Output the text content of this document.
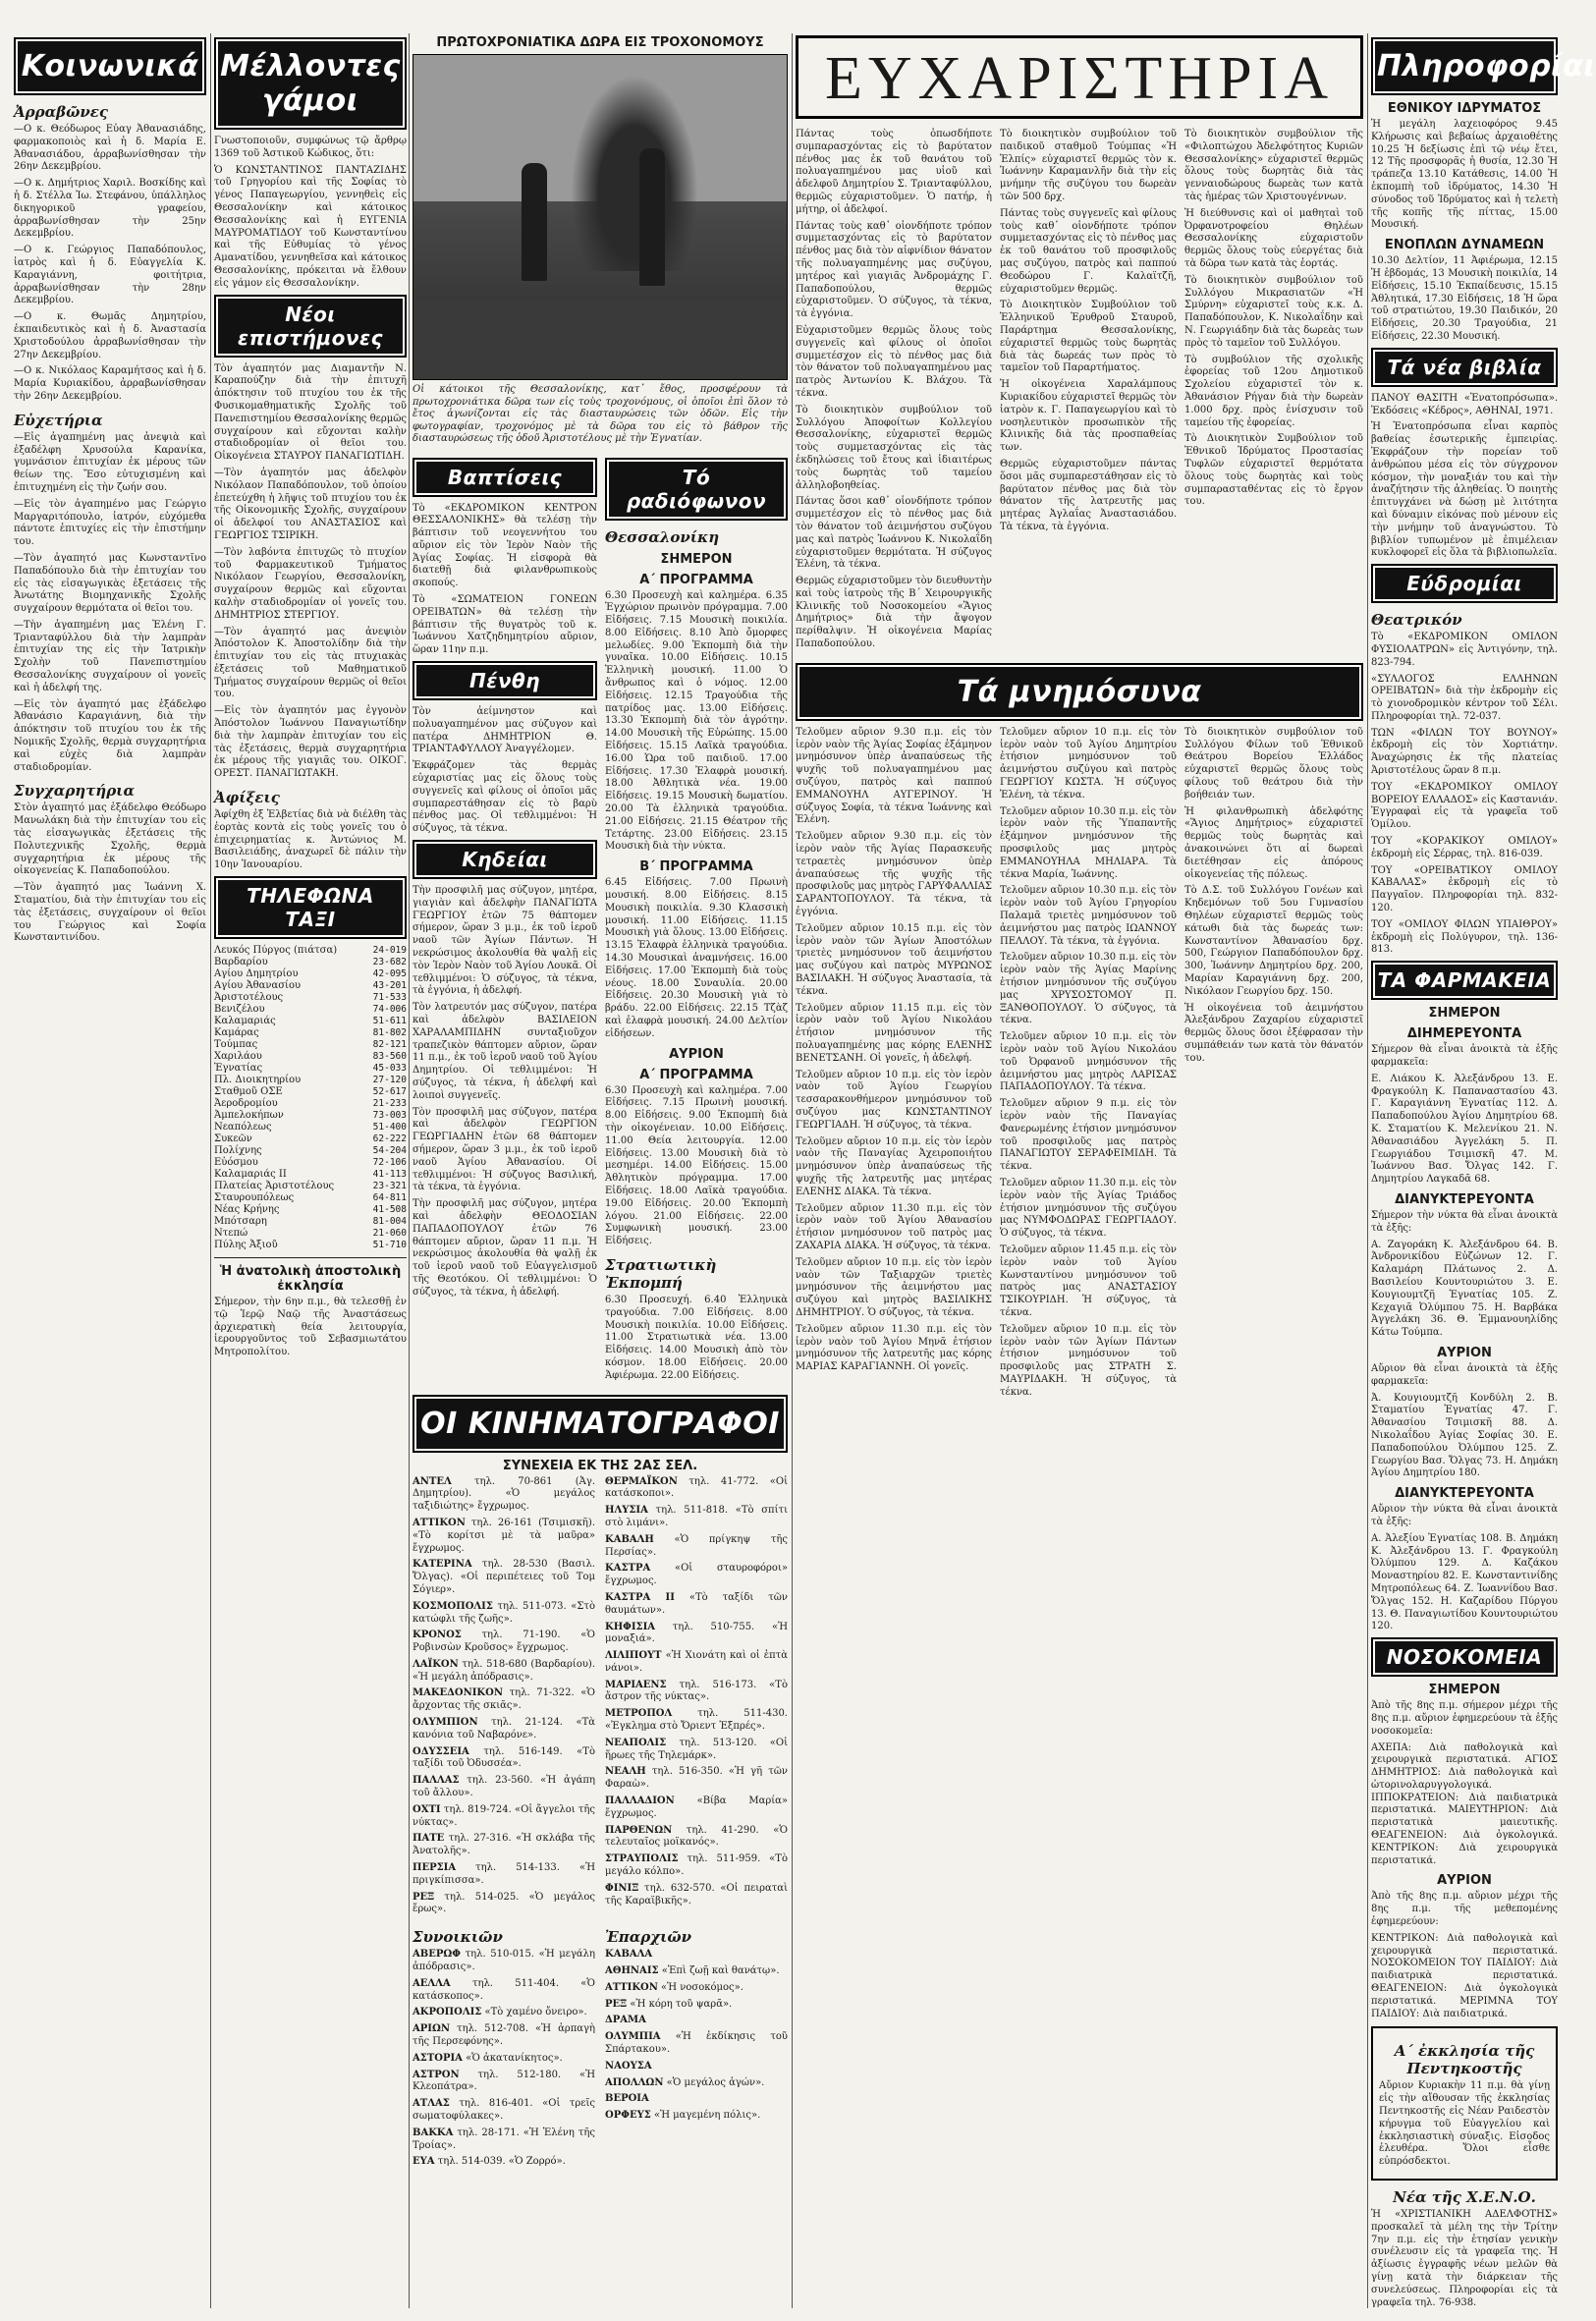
Κοινωνικά
Ἀρραβῶνες

—Ο κ. Θεόδωρος Εὐαγ Ἀθανασιάδης, φαρμακοποιὸς καὶ ἡ δ. Μαρία Ε. Ἀθανασιάδου, ἀρραβωνίσθησαν τὴν 26ην Δεκεμβρίου.

—Ο κ. Δημήτριος Χαριλ. Βοσκίδης καὶ ἡ δ. Στέλλα Ἰω. Στεφάνου, ὑπάλληλος δικηγορικοῦ γραφείου, ἀρραβωνίσθησαν τὴν 25ην Δεκεμβρίου.

—Ο κ. Γεώργιος Παπαδόπουλος, ἰατρὸς καὶ ἡ δ. Εὐαγγελία Κ. Καραγιάννη, φοιτήτρια, ἀρραβωνίσθησαν τὴν 28ην Δεκεμβρίου.

—Ο κ. Θωμᾶς Δημητρίου, ἐκπαιδευτικὸς καὶ ἡ δ. Ἀναστασία Χριστοδούλου ἀρραβωνίσθησαν τὴν 27ην Δεκεμβρίου.

—Ο κ. Νικόλαος Καραμήτσος καὶ ἡ δ. Μαρία Κυριακίδου, ἀρραβωνίσθησαν τὴν 26ην Δεκεμβρίου.

Εὐχετήρια

—Εἰς ἀγαπημένη μας ἀνεψιὰ καὶ ἐξαδέλφη Χρυσούλα Καρανίκα, γυμνάσιον ἐπιτυχίαν ἐκ μέρους τῶν θείων της. Ἔσο εὐτυχισμένη καὶ ἐπιτυχημένη εἰς τὴν ζωήν σου.

—Εἰς τὸν ἀγαπημένο μας Γεώργιο Μαργαριτόπουλο, ἰατρόν, εὐχόμεθα πάντοτε ἐπιτυχίες εἰς τὴν ἐπιστήμην του.

—Τὸν ἀγαπητό μας Κωνσταντῖνο Παπαδόπουλο διὰ τὴν ἐπιτυχίαν του εἰς τὰς εἰσαγωγικὰς ἐξετάσεις τῆς Ἀνωτάτης Βιομηχανικῆς Σχολῆς συγχαίρουν θερμότατα οἱ θεῖοι του.

—Τὴν ἀγαπημένη μας Ἑλένη Γ. Τριανταφύλλου διὰ τὴν λαμπρὰν ἐπιτυχίαν της εἰς τὴν Ἰατρικὴν Σχολὴν τοῦ Πανεπιστημίου Θεσσαλονίκης συγχαίρουν οἱ γονεῖς καὶ ἡ ἀδελφή της.

—Εἰς τὸν ἀγαπητό μας ἐξάδελφο Ἀθανάσιο Καραγιάννη, διὰ τὴν ἀπόκτησιν τοῦ πτυχίου του ἐκ τῆς Νομικῆς Σχολῆς, θερμὰ συγχαρητήρια καὶ εὐχὲς διὰ λαμπρὰν σταδιοδρομίαν.

Συγχαρητήρια

Στὸν ἀγαπητό μας ἐξάδελφο Θεόδωρο Μανωλάκη διὰ τὴν ἐπιτυχίαν του εἰς τὰς εἰσαγωγικὰς ἐξετάσεις τῆς Πολυτεχνικῆς Σχολῆς, θερμὰ συγχαρητήρια ἐκ μέρους τῆς οἰκογενείας Κ. Παπαδοπούλου.

—Τὸν ἀγαπητό μας Ἰωάννη Χ. Σταματίου, διὰ τὴν ἐπιτυχίαν του εἰς τὰς ἐξετάσεις, συγχαίρουν οἱ θεῖοι του Γεώργιος καὶ Σοφία Κωνσταντινίδου.

Μέλλοντες γάμοι

Γνωστοποιοῦν, συμφώνως τῷ ἄρθρῳ 1369 τοῦ Ἀστικοῦ Κώδικος, ὅτι:

Ὁ ΚΩΝΣΤΑΝΤΙΝΟΣ ΠΑΝΤΑΖΙΔΗΣ τοῦ Γρηγορίου καὶ τῆς Σοφίας τὸ γένος Παπαγεωργίου, γεννηθεὶς εἰς Θεσσαλονίκην καὶ κάτοικος Θεσσαλονίκης καὶ ἡ ΕΥΓΕΝΙΑ ΜΑΥΡΟΜΑΤΙΔΟΥ τοῦ Κωνσταντίνου καὶ τῆς Εὐθυμίας τὸ γένος Αμανατίδου, γεννηθεῖσα καὶ κάτοικος Θεσσαλονίκης, πρόκειται νὰ ἔλθουν εἰς γάμον εἰς Θεσσαλονίκην.

Νέοι επιστήμονες

Τὸν ἀγαπητόν μας Διαμαντῆν Ν. Καραπούζην διὰ τὴν ἐπιτυχῆ ἀπόκτησιν τοῦ πτυχίου του ἐκ τῆς Φυσικομαθηματικῆς Σχολῆς τοῦ Πανεπιστημίου Θεσσαλονίκης θερμῶς συγχαίρουν καὶ εὔχονται καλὴν σταδιοδρομίαν οἱ θεῖοι του. Οἰκογένεια ΣΤΑΥΡΟΥ ΠΑΝΑΓΙΩΤΙΔΗ.

—Τὸν ἀγαπητόν μας ἀδελφὸν Νικόλαον Παπαδόπουλον, τοῦ ὁποίου ἐπετεύχθη ἡ λῆψις τοῦ πτυχίου του ἐκ τῆς Οἰκονομικῆς Σχολῆς, συγχαίρουν οἱ ἀδελφοί του ΑΝΑΣΤΑΣΙΟΣ καὶ ΓΕΩΡΓΙΟΣ ΤΣΙΡΙΚΗ.

—Τὸν λαβόντα ἐπιτυχῶς τὸ πτυχίον τοῦ Φαρμακευτικοῦ Τμήματος Νικόλαον Γεωργίου, Θεσσαλονίκη, συγχαίρουν θερμῶς καὶ εὔχονται καλὴν σταδιοδρομίαν οἱ γονεῖς του. ΔΗΜΗΤΡΙΟΣ ΣΤΕΡΓΙΟΥ.

—Τὸν ἀγαπητό μας ἀνεψιὸν Ἀπόστολον Κ. Ἀποστολίδην διὰ τὴν ἐπιτυχίαν του εἰς τὰς πτυχιακὰς ἐξετάσεις τοῦ Μαθηματικοῦ Τμήματος συγχαίρουν θερμῶς οἱ θεῖοι του.

—Εἰς τὸν ἀγαπητόν μας ἐγγονὸν Ἀπόστολον Ἰωάννου Παναγιωτίδην διὰ τὴν λαμπρὰν ἐπιτυχίαν του εἰς τὰς ἐξετάσεις, θερμὰ συγχαρητήρια ἐκ μέρους τῆς γιαγιᾶς του. ΟΙΚΟΓ. ΟΡΕΣΤ. ΠΑΝΑΓΙΩΤΑΚΗ.

Ἀφίξεις

Ἀφίχθη ἐξ Ἑλβετίας διὰ νὰ διέλθη τὰς ἑορτὰς κοντὰ εἰς τοὺς γονεῖς του ὁ ἐπιχειρηματίας κ. Ἀντώνιος Μ. Βασιλειάδης, ἀναχωρεῖ δὲ πάλιν τὴν 10ην Ἰανουαρίου.

ΤΗΛΕΦΩΝΑ ΤΑΞΙ
Λευκός Πύργος (πιάτσα)	24-019
Βαρδαρίου	23-682
Αγίου Δημητρίου	42-095
Αγίου Ἀθανασίου	43-201
Ἀριστοτέλους	71-533
Βενιζέλου	74-006
Καλαμαριάς	51-611
Καμάρας	81-802
Τούμπας	82-121
Χαριλάου	83-560
Ἐγνατίας	45-033
Πλ. Διοικητηρίου	27-120
Σταθμοῦ ΟΣΕ	52-617
Ἀεροδρομίου	21-233
Ἀμπελοκήπων	73-003
Νεαπόλεως	51-400
Συκεῶν	62-222
Πολίχνης	54-204
Εὐόσμου	72-106
Καλαμαριάς II	41-113
Πλατείας Ἀριστοτέλους	23-321
Σταυρουπόλεως	64-811
Νέας Κρήνης	41-508
Μπότσαρη	81-004
Ντεπώ	21-060
Πύλης Ἀξιοῦ	51-710
Ἡ ἀνατολικὴ ἀποστολικὴ ἐκκλησία

Σήμερον, τὴν 6ην π.μ., θὰ τελεσθῇ ἐν τῷ Ἱερῷ Ναῷ τῆς Ἀναστάσεως ἀρχιερατικὴ θεία λειτουργία, ἱερουργοῦντος τοῦ Σεβασμιωτάτου Μητροπολίτου.

ΠΡΩΤΟΧΡΟΝΙΑΤΙΚΑ ΔΩΡΑ ΕΙΣ ΤΡΟΧΟΝΟΜΟΥΣ
Οἱ κάτοικοι τῆς Θεσσαλονίκης, κατ᾽ ἔθος, προσφέρουν τὰ πρωτοχρονιάτικα δῶρα των εἰς τοὺς τροχονόμους, οἱ ὁποῖοι ἐπὶ ὅλον τὸ ἔτος ἀγωνίζονται εἰς τὰς διασταυρώσεις τῶν ὁδῶν. Εἰς τὴν φωτογραφίαν, τροχονόμος μὲ τὰ δῶρα του εἰς τὸ βάθρον τῆς διασταυρώσεως τῆς ὁδοῦ Ἀριστοτέλους μὲ τὴν Ἐγνατίαν.
Βαπτίσεις

Τὸ «ΕΚΔΡΟΜΙΚΟΝ ΚΕΝΤΡΟΝ ΘΕΣΣΑΛΟΝΙΚΗΣ» θὰ τελέσῃ τὴν βάπτισιν τοῦ νεογεννήτου του αὔριον εἰς τὸν Ἱερὸν Ναὸν τῆς Ἁγίας Σοφίας. Ἡ εἰσφορὰ θὰ διατεθῇ διὰ φιλανθρωπικοὺς σκοπούς.

Τὸ «ΣΩΜΑΤΕΙΟΝ ΓΟΝΕΩΝ ΟΡΕΙΒΑΤΩΝ» θὰ τελέσῃ τὴν βάπτισιν τῆς θυγατρὸς τοῦ κ. Ἰωάννου Χατζηδημητρίου αὔριον, ὥραν 11ην π.μ.

Πένθη

Τὸν ἀείμνηστον καὶ πολυαγαπημένον μας σύζυγον καὶ πατέρα ΔΗΜΗΤΡΙΟΝ Θ. ΤΡΙΑΝΤΑΦΥΛΛΟΥ Ἀναγγέλομεν.

Ἐκφράζομεν τὰς θερμὰς εὐχαριστίας μας εἰς ὅλους τοὺς συγγενεῖς καὶ φίλους οἱ ὁποῖοι μᾶς συμπαρεστάθησαν εἰς τὸ βαρὺ πένθος μας. Οἱ τεθλιμμένοι: Ἡ σύζυγος, τὰ τέκνα.

Κηδείαι

Τὴν προσφιλῆ μας σύζυγον, μητέρα, γιαγιὰν καὶ ἀδελφὴν ΠΑΝΑΓΙΩΤΑ ΓΕΩΡΓΙΟΥ ἐτῶν 75 θάπτομεν σήμερον, ὥραν 3 μ.μ., ἐκ τοῦ ἱεροῦ ναοῦ τῶν Ἁγίων Πάντων. Ἡ νεκρώσιμος ἀκολουθία θὰ ψαλῇ εἰς τὸν Ἱερὸν Ναὸν τοῦ Ἁγίου Λουκᾶ. Οἱ τεθλιμμένοι: Ὁ σύζυγος, τὰ τέκνα, τὰ ἐγγόνια, ἡ ἀδελφή.

Τὸν λατρευτόν μας σύζυγον, πατέρα καὶ ἀδελφὸν ΒΑΣΙΛΕΙΟΝ ΧΑΡΑΛΑΜΠΙΔΗΝ συνταξιοῦχον τραπεζικὸν θάπτομεν αὔριον, ὥραν 11 π.μ., ἐκ τοῦ ἱεροῦ ναοῦ τοῦ Ἁγίου Δημητρίου. Οἱ τεθλιμμένοι: Ἡ σύζυγος, τὰ τέκνα, ἡ ἀδελφή καὶ λοιποὶ συγγενεῖς.

Τὸν προσφιλῆ μας σύζυγον, πατέρα καὶ ἀδελφὸν ΓΕΩΡΓΙΟΝ ΓΕΩΡΓΙΑΔΗΝ ἐτῶν 68 θάπτομεν σήμερον, ὥραν 3 μ.μ., ἐκ τοῦ ἱεροῦ ναοῦ Ἁγίου Ἀθανασίου. Οἱ τεθλιμμένοι: Ἡ σύζυγος Βασιλική, τὰ τέκνα, τὰ ἐγγόνια.

Τὴν προσφιλῆ μας σύζυγον, μητέρα καὶ ἀδελφὴν ΘΕΟΔΟΣΙΑΝ ΠΑΠΑΔΟΠΟΥΛΟΥ ἐτῶν 76 θάπτομεν αὔριον, ὥραν 11 π.μ. Ἡ νεκρώσιμος ἀκολουθία θὰ ψαλῇ ἐκ τοῦ ἱεροῦ ναοῦ τοῦ Εὐαγγελισμοῦ τῆς Θεοτόκου. Οἱ τεθλιμμένοι: Ὁ σύζυγος, τὰ τέκνα, ἡ ἀδελφή.

Τό ραδιόφωνον
Θεσσαλονίκη
ΣΗΜΕΡΟΝ
Α΄ ΠΡΟΓΡΑΜΜΑ

6.30 Προσευχὴ καὶ καλημέρα. 6.35 Ἐγχώριον πρωινὸν πρόγραμμα. 7.00 Εἰδήσεις. 7.15 Μουσικὴ ποικιλία. 8.00 Εἰδήσεις. 8.10 Ἀπὸ ὄμορφες μελωδίες. 9.00 Ἐκπομπὴ διὰ τὴν γυναῖκα. 10.00 Εἰδήσεις. 10.15 Ἑλληνικὴ μουσική. 11.00 Ὁ ἄνθρωπος καὶ ὁ νόμος. 12.00 Εἰδήσεις. 12.15 Τραγούδια τῆς πατρίδος μας. 13.00 Εἰδήσεις. 13.30 Ἐκπομπὴ διὰ τὸν ἀγρότην. 14.00 Μουσικὴ τῆς Εὐρώπης. 15.00 Εἰδήσεις. 15.15 Λαϊκὰ τραγούδια. 16.00 Ὡρα τοῦ παιδιοῦ. 17.00 Εἰδήσεις. 17.30 Ἐλαφρὰ μουσική. 18.00 Ἀθλητικὰ νέα. 19.00 Εἰδήσεις. 19.15 Μουσικὴ δωματίου. 20.00 Τὰ ἑλληνικὰ τραγούδια. 21.00 Εἰδήσεις. 21.15 Θέατρον τῆς Τετάρτης. 23.00 Εἰδήσεις. 23.15 Μουσικὴ διὰ τὴν νύκτα.

Β΄ ΠΡΟΓΡΑΜΜΑ

6.45 Εἰδήσεις. 7.00 Πρωινὴ μουσική. 8.00 Εἰδήσεις. 8.15 Μουσικὴ ποικιλία. 9.30 Κλασσικὴ μουσική. 11.00 Εἰδήσεις. 11.15 Μουσικὴ γιὰ ὅλους. 13.00 Εἰδήσεις. 13.15 Ἐλαφρὰ ἑλληνικὰ τραγούδια. 14.30 Μουσικαὶ ἀναμνήσεις. 16.00 Εἰδήσεις. 17.00 Ἐκπομπὴ διὰ τοὺς νέους. 18.00 Συναυλία. 20.00 Εἰδήσεις. 20.30 Μουσικὴ γιὰ τὸ βράδυ. 22.00 Εἰδήσεις. 22.15 Τζὰζ καὶ ἐλαφρὰ μουσική. 24.00 Δελτίον εἰδήσεων.

ΑΥΡΙΟΝ
Α΄ ΠΡΟΓΡΑΜΜΑ

6.30 Προσευχὴ καὶ καλημέρα. 7.00 Εἰδήσεις. 7.15 Πρωινὴ μουσική. 8.00 Εἰδήσεις. 9.00 Ἐκπομπὴ διὰ τὴν οἰκογένειαν. 10.00 Εἰδήσεις. 11.00 Θεία λειτουργία. 12.00 Εἰδήσεις. 13.00 Μουσικὴ διὰ τὸ μεσημέρι. 14.00 Εἰδήσεις. 15.00 Ἀθλητικὸν πρόγραμμα. 17.00 Εἰδήσεις. 18.00 Λαϊκὰ τραγούδια. 19.00 Εἰδήσεις. 20.00 Ἐκπομπὴ λόγου. 21.00 Εἰδήσεις. 22.00 Συμφωνικὴ μουσική. 23.00 Εἰδήσεις.

Στρατιωτικὴ Ἐκπομπή

6.30 Προσευχή. 6.40 Ἑλληνικὰ τραγούδια. 7.00 Εἰδήσεις. 8.00 Μουσικὴ ποικιλία. 10.00 Εἰδήσεις. 11.00 Στρατιωτικὰ νέα. 13.00 Εἰδήσεις. 14.00 Μουσικὴ ἀπὸ τὸν κόσμον. 18.00 Εἰδήσεις. 20.00 Ἀφιέρωμα. 22.00 Εἰδήσεις.

ΟΙ ΚΙΝΗΜΑΤΟΓΡΑΦΟΙ
ΣΥΝΕΧΕΙΑ ΕΚ ΤΗΣ 2ΑΣ ΣΕΛ.

ΑΝΤΕΛ τηλ. 70-861 (Ἀγ. Δημητρίου). «Ὁ μεγάλος ταξιδιώτης» ἔγχρωμος.

ΑΤΤΙΚΟΝ τηλ. 26-161 (Τσιμισκῆ). «Τὸ κορίτσι μὲ τὰ μαῦρα» ἔγχρωμος.

ΚΑΤΕΡΙΝΑ τηλ. 28-530 (Βασιλ. Ὄλγας). «Οἱ περιπέτειες τοῦ Τομ Σόγιερ».

ΚΟΣΜΟΠΟΛΙΣ τηλ. 511-073. «Στὸ κατώφλι τῆς ζωῆς».

ΚΡΟΝΟΣ τηλ. 71-190. «Ὁ Ροβινσὼν Κροῦσος» ἔγχρωμος.

ΛΑΪΚΟΝ τηλ. 518-680 (Βαρδαρίου). «Ἡ μεγάλη ἀπόδρασις».

ΜΑΚΕΔΟΝΙΚΟΝ τηλ. 71-322. «Ὁ ἄρχοντας τῆς σκιᾶς».

ΟΛΥΜΠΙΟΝ τηλ. 21-124. «Τὰ κανόνια τοῦ Ναβαρόνε».

ΟΔΥΣΣΕΙΑ τηλ. 516-149. «Τὸ ταξίδι τοῦ Ὀδυσσέα».

ΠΑΛΛΑΣ τηλ. 23-560. «Ἡ ἀγάπη τοῦ ἄλλου».

ΟΧΤΙ τηλ. 819-724. «Οἱ ἄγγελοι τῆς νύκτας».

ΠΑΤΕ τηλ. 27-316. «Ἡ σκλάβα τῆς Ἀνατολῆς».

ΠΕΡΣΙΑ τηλ. 514-133. «Ἡ πριγκίπισσα».

ΡΕΞ τηλ. 514-025. «Ὁ μεγάλος ἔρως».

ΘΕΡΜΑΪΚΟΝ τηλ. 41-772. «Οἱ κατάσκοποι».

ΗΛΥΣΙΑ τηλ. 511-818. «Τὸ σπίτι στὸ λιμάνι».

ΚΑΒΑΛΗ «Ὁ πρίγκηψ τῆς Περσίας».

ΚΑΣΤΡΑ «Οἱ σταυροφόροι» ἔγχρωμος.

ΚΑΣΤΡΑ ΙΙ «Τὸ ταξίδι τῶν θαυμάτων».

ΚΗΦΙΣΙΑ τηλ. 510-755. «Ἡ μοναξιά».

ΛΙΛΙΠΟΥΤ «Ἡ Χιονάτη καὶ οἱ ἑπτὰ νάνοι».

ΜΑΡΙΑΕΝΣ τηλ. 516-173. «Τὸ ἄστρον τῆς νύκτας».

ΜΕΤΡΟΠΟΛ τηλ. 511-430. «Ἐγκλημα στὸ Ὄριεντ Ἐξπρές».

ΝΕΑΠΟΛΙΣ τηλ. 513-120. «Οἱ ἥρωες τῆς Τηλεμάρκ».

ΝΕΑΛΗ τηλ. 516-350. «Ἡ γῆ τῶν Φαραὼ».

ΠΑΛΛΑΔΙΟΝ «Βίβα Μαρία» ἔγχρωμος.

ΠΑΡΘΕΝΩΝ τηλ. 41-290. «Ὁ τελευταῖος μοϊκανός».

ΣΤΡΑΥΠΟΛΙΣ τηλ. 511-959. «Τὸ μεγάλο κόλπο».

ΦΙΝΙΞ τηλ. 632-570. «Οἱ πειραταὶ τῆς Καραϊβικῆς».

Συνοικιῶν

ΑΒΕΡΩΦ τηλ. 510-015. «Ἡ μεγάλη ἀπόδρασις».

ΑΕΛΛΑ τηλ. 511-404. «Ὁ κατάσκοπος».

ΑΚΡΟΠΟΛΙΣ «Τὸ χαμένο ὄνειρο».

ΑΡΙΩΝ τηλ. 512-708. «Ἡ ἀρπαγὴ τῆς Περσεφόνης».

ΑΣΤΟΡΙΑ «Ὁ ἀκατανίκητος».

ΑΣΤΡΟΝ τηλ. 512-180. «Ἡ Κλεοπάτρα».

ΑΤΛΑΣ τηλ. 816-401. «Οἱ τρεῖς σωματοφύλακες».

ΒΑΚΚΑ τηλ. 28-171. «Ἡ Ἑλένη τῆς Τροίας».

ΕΥΑ τηλ. 514-039. «Ὁ Ζορρό».

Ἐπαρχιῶν

ΚΑΒΑΛΑ

ΑΘΗΝΑΙΣ «Ἐπὶ ζωῇ καὶ θανάτῳ».

ΑΤΤΙΚΟΝ «Ἡ νοσοκόμος».

ΡΕΞ «Ἡ κόρη τοῦ ψαρᾶ».

ΔΡΑΜΑ

ΟΛΥΜΠΙΑ «Ἡ ἐκδίκησις τοῦ Σπάρτακου».

ΝΑΟΥΣΑ

ΑΠΟΛΛΩΝ «Ὁ μεγάλος ἀγών».

ΒΕΡΟΙΑ

ΟΡΦΕΥΣ «Ἡ μαγεμένη πόλις».

ΕΥΧΑΡΙΣΤΗΡΙΑ

Πάντας τοὺς ὁπωσδήποτε συμπαρασχόντας εἰς τὸ βαρύτατον πένθος μας ἐκ τοῦ θανάτου τοῦ πολυαγαπημένου μας υἱοῦ καὶ ἀδελφοῦ Δημητρίου Σ. Τριανταφύλλου, θερμῶς εὐχαριστοῦμεν. Ὁ πατήρ, ἡ μήτηρ, οἱ ἀδελφοί.

Πάντας τοὺς καθ᾽ οἱονδήποτε τρόπον συμμετασχόντας εἰς τὸ βαρύτατον πένθος μας διὰ τὸν αἰφνίδιον θάνατον τῆς πολυαγαπημένης μας συζύγου, μητέρος καὶ γιαγιᾶς Ἀνδρομάχης Γ. Παπαδοπούλου, θερμῶς εὐχαριστοῦμεν. Ὁ σύζυγος, τὰ τέκνα, τὰ ἐγγόνια.

Εὐχαριστοῦμεν θερμῶς ὅλους τοὺς συγγενεῖς καὶ φίλους οἱ ὁποῖοι συμμετέσχον εἰς τὸ πένθος μας διὰ τὸν θάνατον τοῦ πολυαγαπημένου μας πατρὸς Ἀντωνίου Κ. Βλάχου. Τὰ τέκνα.

Τὸ διοικητικὸν συμβούλιον τοῦ Συλλόγου Ἀποφοίτων Κολλεγίου Θεσσαλονίκης, εὐχαριστεῖ θερμῶς τοὺς συμμετασχόντας εἰς τὰς ἐκδηλώσεις τοῦ ἔτους καὶ ἰδιαιτέρως τοὺς δωρητὰς τοῦ ταμείου ἀλληλοβοηθείας.

Πάντας ὅσοι καθ᾽ οἱονδήποτε τρόπον συμμετέσχον εἰς τὸ πένθος μας διὰ τὸν θάνατον τοῦ ἀειμνήστου συζύγου μας καὶ πατρὸς Ἰωάννου Κ. Νικολαΐδη εὐχαριστοῦμεν θερμότατα. Ἡ σύζυγος Ἑλένη, τὰ τέκνα.

Θερμῶς εὐχαριστοῦμεν τὸν διευθυντὴν καὶ τοὺς ἰατροὺς τῆς Β΄ Χειρουργικῆς Κλινικῆς τοῦ Νοσοκομείου «Ἅγιος Δημήτριος» διὰ τὴν ἄψογον περίθαλψιν. Ἡ οἰκογένεια Μαρίας Παπαδοπούλου.

Τὸ διοικητικὸν συμβούλιον τοῦ παιδικοῦ σταθμοῦ Τούμπας «Ἡ Ἐλπίς» εὐχαριστεῖ θερμῶς τὸν κ. Ἰωάννην Καραμανλῆν διὰ τὴν εἰς μνήμην τῆς συζύγου του δωρεὰν τῶν 500 δρχ.

Πάντας τοὺς συγγενεῖς καὶ φίλους τοὺς καθ᾽ οἱονδήποτε τρόπον συμμετασχόντας εἰς τὸ πένθος μας ἐκ τοῦ θανάτου τοῦ προσφιλοῦς μας συζύγου, πατρὸς καὶ παππού Θεοδώρου Γ. Καλαϊτζῆ, εὐχαριστοῦμεν θερμῶς.

Τὸ Διοικητικὸν Συμβούλιον τοῦ Ἑλληνικοῦ Ἐρυθροῦ Σταυροῦ, Παράρτημα Θεσσαλονίκης, εὐχαριστεῖ θερμῶς τοὺς δωρητὰς διὰ τὰς δωρεάς των πρὸς τὸ ταμεῖον τοῦ Παραρτήματος.

Ἡ οἰκογένεια Χαραλάμπους Κυριακίδου εὐχαριστεῖ θερμῶς τὸν ἰατρὸν κ. Γ. Παπαγεωργίου καὶ τὸ νοσηλευτικὸν προσωπικὸν τῆς Κλινικῆς διὰ τὰς προσπαθείας των.

Θερμῶς εὐχαριστοῦμεν πάντας ὅσοι μᾶς συμπαρεστάθησαν εἰς τὸ βαρύτατον πένθος μας διὰ τὸν θάνατον τῆς λατρευτῆς μας μητέρας Ἀγλαΐας Ἀναστασιάδου. Τὰ τέκνα, τὰ ἐγγόνια.

Τὸ διοικητικὸν συμβούλιον τῆς «Φιλοπτώχου Ἀδελφότητος Κυριῶν Θεσσαλονίκης» εὐχαριστεῖ θερμῶς ὅλους τοὺς δωρητὰς διὰ τὰς γενναιοδώρους δωρεὰς των κατὰ τὰς ἡμέρας τῶν Χριστουγέννων.

Ἡ διεύθυνσις καὶ οἱ μαθηταὶ τοῦ Ὀρφανοτροφείου Θηλέων Θεσσαλονίκης εὐχαριστοῦν θερμῶς ὅλους τοὺς εὐεργέτας διὰ τὰ δῶρα των κατὰ τὰς ἑορτάς.

Τὸ διοικητικὸν συμβούλιον τοῦ Συλλόγου Μικρασιατῶν «Ἡ Σμύρνη» εὐχαριστεῖ τοὺς κ.κ. Δ. Παπαδόπουλον, Κ. Νικολαΐδην καὶ Ν. Γεωργιάδην διὰ τὰς δωρεὰς των πρὸς τὸ ταμεῖον τοῦ Συλλόγου.

Τὸ συμβούλιον τῆς σχολικῆς ἐφορείας τοῦ 12ου Δημοτικοῦ Σχολείου εὐχαριστεῖ τὸν κ. Ἀθανάσιον Ρήγαν διὰ τὴν δωρεὰν 1.000 δρχ. πρὸς ἐνίσχυσιν τοῦ ταμείου τῆς ἐφορείας.

Τὸ Διοικητικὸν Συμβούλιον τοῦ Ἐθνικοῦ Ἱδρύματος Προστασίας Τυφλῶν εὐχαριστεῖ θερμότατα ὅλους τοὺς δωρητὰς καὶ τοὺς συμπαρασταθέντας εἰς τὸ ἔργον του.

Τά μνημόσυνα

Τελοῦμεν αὔριον 9.30 π.μ. εἰς τὸν ἱερὸν ναὸν τῆς Ἁγίας Σοφίας ἑξάμηνον μνημόσυνον ὑπὲρ ἀναπαύσεως τῆς ψυχῆς τοῦ πολυαγαπημένου μας συζύγου, πατρὸς καὶ παππού ΕΜΜΑΝΟΥΗΛ ΑΥΓΕΡΙΝΟΥ. Ἡ σύζυγος Σοφία, τὰ τέκνα Ἰωάννης καὶ Ἑλένη.

Τελοῦμεν αὔριον 9.30 π.μ. εἰς τὸν ἱερὸν ναὸν τῆς Ἁγίας Παρασκευῆς τετραετὲς μνημόσυνον ὑπὲρ ἀναπαύσεως τῆς ψυχῆς τῆς προσφιλοῦς μας μητρὸς ΓΑΡΥΦΑΛΛΙΑΣ ΣΑΡΑΝΤΟΠΟΥΛΟΥ. Τὰ τέκνα, τὰ ἐγγόνια.

Τελοῦμεν αὔριον 10.15 π.μ. εἰς τὸν ἱερὸν ναὸν τῶν Ἁγίων Ἀποστόλων τριετὲς μνημόσυνον τοῦ ἀειμνήστου μας συζύγου καὶ πατρὸς ΜΥΡΩΝΟΣ ΒΑΣΙΛΑΚΗ. Ἡ σύζυγος Ἀναστασία, τὰ τέκνα.

Τελοῦμεν αὔριον 11.15 π.μ. εἰς τὸν ἱερὸν ναὸν τοῦ Ἁγίου Νικολάου ἐτήσιον μνημόσυνον τῆς πολυαγαπημένης μας κόρης ΕΛΕΝΗΣ ΒΕΝΕΤΣΑΝΗ. Οἱ γονεῖς, ἡ ἀδελφή.

Τελοῦμεν αὔριον 10 π.μ. εἰς τὸν ἱερὸν ναὸν τοῦ Ἁγίου Γεωργίου τεσσαρακονθήμερον μνημόσυνον τοῦ συζύγου μας ΚΩΝΣΤΑΝΤΙΝΟΥ ΓΕΩΡΓΙΑΔΗ. Ἡ σύζυγος, τὰ τέκνα.

Τελοῦμεν αὔριον 10 π.μ. εἰς τὸν ἱερὸν ναὸν τῆς Παναγίας Ἀχειροποιήτου μνημόσυνον ὑπὲρ ἀναπαύσεως τῆς ψυχῆς τῆς λατρευτῆς μας μητέρας ΕΛΕΝΗΣ ΔΙΑΚΑ. Τὰ τέκνα.

Τελοῦμεν αὔριον 11.30 π.μ. εἰς τὸν ἱερὸν ναὸν τοῦ Ἁγίου Ἀθανασίου ἐτήσιον μνημόσυνον τοῦ πατρὸς μας ΖΑΧΑΡΙΑ ΔΙΑΚΑ. Ἡ σύζυγος, τὰ τέκνα.

Τελοῦμεν αὔριον 10 π.μ. εἰς τὸν ἱερὸν ναὸν τῶν Ταξιαρχῶν τριετὲς μνημόσυνον τῆς ἀειμνήστου μας συζύγου καὶ μητρὸς ΒΑΣΙΛΙΚΗΣ ΔΗΜΗΤΡΙΟΥ. Ὁ σύζυγος, τὰ τέκνα.

Τελοῦμεν αὔριον 11.30 π.μ. εἰς τὸν ἱερὸν ναὸν τοῦ Ἁγίου Μηνᾶ ἐτήσιον μνημόσυνον τῆς λατρευτῆς μας κόρης ΜΑΡΙΑΣ ΚΑΡΑΓΙΑΝΝΗ. Οἱ γονεῖς.

Τελοῦμεν αὔριον 10 π.μ. εἰς τὸν ἱερὸν ναὸν τοῦ Ἁγίου Δημητρίου ἐτήσιον μνημόσυνον τοῦ ἀειμνήστου συζύγου καὶ πατρὸς ΓΕΩΡΓΙΟΥ ΚΩΣΤΑ. Ἡ σύζυγος Ἑλένη, τὰ τέκνα.

Τελοῦμεν αὔριον 10.30 π.μ. εἰς τὸν ἱερὸν ναὸν τῆς Ὑπαπαντῆς ἑξάμηνον μνημόσυνον τῆς προσφιλοῦς μας μητρὸς ΕΜΜΑΝΟΥΗΛΑ ΜΗΛΙΑΡΑ. Τὰ τέκνα Μαρία, Ἰωάννης.

Τελοῦμεν αὔριον 10.30 π.μ. εἰς τὸν ἱερὸν ναὸν τοῦ Ἁγίου Γρηγορίου Παλαμᾶ τριετὲς μνημόσυνον τοῦ ἀειμνήστου μας πατρὸς ΙΩΑΝΝΟΥ ΠΕΛΛΟΥ. Τὰ τέκνα, τὰ ἐγγόνια.

Τελοῦμεν αὔριον 10.30 π.μ. εἰς τὸν ἱερὸν ναὸν τῆς Ἁγίας Μαρίνης ἐτήσιον μνημόσυνον τῆς συζύγου μας ΧΡΥΣΟΣΤΟΜΟΥ Π. ΞΑΝΘΟΠΟΥΛΟΥ. Ὁ σύζυγος, τὰ τέκνα.

Τελοῦμεν αὔριον 10 π.μ. εἰς τὸν ἱερὸν ναὸν τοῦ Ἁγίου Νικολάου τοῦ Ὀρφανοῦ μνημόσυνον τῆς ἀειμνήστου μας μητρὸς ΛΑΡΙΣΑΣ ΠΑΠΑΔΟΠΟΥΛΟΥ. Τὰ τέκνα.

Τελοῦμεν αὔριον 9 π.μ. εἰς τὸν ἱερὸν ναὸν τῆς Παναγίας Φανερωμένης ἐτήσιον μνημόσυνον τοῦ προσφιλοῦς μας πατρὸς ΠΑΝΑΓΙΩΤΟΥ ΣΕΡΑΦΕΙΜΙΔΗ. Τὰ τέκνα.

Τελοῦμεν αὔριον 11.30 π.μ. εἰς τὸν ἱερὸν ναὸν τῆς Ἁγίας Τριάδος ἐτήσιον μνημόσυνον τῆς συζύγου μας ΝΥΜΦΟΔΩΡΑΣ ΓΕΩΡΓΙΑΔΟΥ. Ὁ σύζυγος, τὰ τέκνα.

Τελοῦμεν αὔριον 11.45 π.μ. εἰς τὸν ἱερὸν ναὸν τοῦ Ἁγίου Κωνσταντίνου μνημόσυνον τοῦ πατρὸς μας ΑΝΑΣΤΑΣΙΟΥ ΤΣΙΚΟΥΡΙΔΗ. Ἡ σύζυγος, τὰ τέκνα.

Τελοῦμεν αὔριον 10 π.μ. εἰς τὸν ἱερὸν ναὸν τῶν Ἁγίων Πάντων ἐτήσιον μνημόσυνον τοῦ προσφιλοῦς μας ΣΤΡΑΤΗ Σ. ΜΑΥΡΙΔΑΚΗ. Ἡ σύζυγος, τὰ τέκνα.

Τὸ διοικητικὸν συμβούλιον τοῦ Συλλόγου Φίλων τοῦ Ἐθνικοῦ Θεάτρου Βορείου Ἑλλάδος εὐχαριστεῖ θερμῶς ὅλους τοὺς φίλους τοῦ θεάτρου διὰ τὴν βοήθειάν των.

Ἡ φιλανθρωπικὴ ἀδελφότης «Ἅγιος Δημήτριος» εὐχαριστεῖ θερμῶς τοὺς δωρητὰς καὶ ἀνακοινώνει ὅτι αἱ δωρεαὶ διετέθησαν εἰς ἀπόρους οἰκογενείας τῆς πόλεως.

Τὸ Δ.Σ. τοῦ Συλλόγου Γονέων καὶ Κηδεμόνων τοῦ 5ου Γυμνασίου Θηλέων εὐχαριστεῖ θερμῶς τοὺς κάτωθι διὰ τὰς δωρεάς των: Κωνσταντίνον Ἀθανασίου δρχ. 500, Γεώργιον Παπαδόπουλον δρχ. 300, Ἰωάννην Δημητρίου δρχ. 200, Μαρίαν Καραγιάννη δρχ. 200, Νικόλαον Γεωργίου δρχ. 150.

Ἡ οἰκογένεια τοῦ ἀειμνήστου Ἀλεξάνδρου Ζαχαρίου εὐχαριστεῖ θερμῶς ὅλους ὅσοι ἐξέφρασαν τὴν συμπάθειάν των κατὰ τὸν θάνατόν του.

Πληροφορίαι
ΕΘΝΙΚΟΥ ΙΔΡΥΜΑΤΟΣ

Ἡ μεγάλη λαχειοφόρος 9.45 Κλήρωσις καὶ βεβαίως ἀρχαιοθέτης 10.25 Ἡ δεξίωσις ἐπὶ τῷ νέῳ ἔτει, 12 Τῆς προσφορᾶς ἡ θυσία, 12.30 Ἡ τράπεζα 13.10 Κατάθεσις, 14.00 Ἡ ἐκπομπὴ τοῦ ἱδρύματος, 14.30 Ἡ σύνοδος τοῦ Ἱδρύματος καὶ ἡ τελετὴ τῆς κοπῆς τῆς πίττας, 15.00 Μουσική.

ΕΝΟΠΛΩΝ ΔΥΝΑΜΕΩΝ

10.30 Δελτίον, 11 Ἀφιέρωμα, 12.15 Ἡ ἑβδομάς, 13 Μουσικὴ ποικιλία, 14 Εἰδήσεις, 15.10 Ἐκπαίδευσις, 15.15 Ἀθλητικά, 17.30 Εἰδήσεις, 18 Ἡ ὥρα τοῦ στρατιώτου, 19.30 Παιδικόν, 20 Εἰδήσεις, 20.30 Τραγούδια, 21 Εἰδήσεις, 22.30 Μουσική.

Τά νέα βιβλία

ΠΑΝΟΥ ΘΑΣΙΤΗ «Ἐνατοπρόσωπα». Ἐκδόσεις «Κέδρος», ΑΘΗΝΑΙ, 1971.

Ἡ Ἐνατοπρόσωπα εἶναι καρπὸς βαθείας ἐσωτερικῆς ἐμπειρίας. Ἐκφράζουν τὴν πορείαν τοῦ ἀνθρώπου μέσα εἰς τὸν σύγχρονον κόσμον, τὴν μοναξιάν του καὶ τὴν ἀναζήτησιν τῆς ἀληθείας. Ὁ ποιητὴς ἐπιτυγχάνει νὰ δώσῃ μὲ λιτότητα καὶ δύναμιν εἰκόνας ποὺ μένουν εἰς τὴν μνήμην τοῦ ἀναγνώστου. Τὸ βιβλίον τυπωμένον μὲ ἐπιμέλειαν κυκλοφορεῖ εἰς ὅλα τὰ βιβλιοπωλεῖα.

Εύδρομίαι
Θεατρικόν

Τὸ «ΕΚΔΡΟΜΙΚΟΝ ΟΜΙΛΟΝ ΦΥΣΙΟΛΑΤΡΩΝ» εἰς Ἀντιγόνην, τηλ. 823-794.

«ΣΥΛΛΟΓΟΣ ΕΛΛΗΝΩΝ ΟΡΕΙΒΑΤΩΝ» διὰ τὴν ἐκδρομὴν εἰς τὸ χιονοδρομικὸν κέντρον τοῦ Σέλι. Πληροφορίαι τηλ. 72-037.

ΤΩΝ «ΦΙΛΩΝ ΤΟΥ ΒΟΥΝΟΥ» ἐκδρομὴ εἰς τὸν Χορτιάτην. Ἀναχώρησις ἐκ τῆς πλατείας Ἀριστοτέλους ὥραν 8 π.μ.

ΤΟΥ «ΕΚΔΡΟΜΙΚΟΥ ΟΜΙΛΟΥ ΒΟΡΕΙΟΥ ΕΛΛΑΔΟΣ» εἰς Καστανιάν. Ἐγγραφαὶ εἰς τὰ γραφεῖα τοῦ Ὁμίλου.

ΤΟΥ «ΚΟΡΑΚΙΚΟΥ ΟΜΙΛΟΥ» ἐκδρομὴ εἰς Σέρρας, τηλ. 816-039.

ΤΟΥ «ΟΡΕΙΒΑΤΙΚΟΥ ΟΜΙΛΟΥ ΚΑΒΑΛΑΣ» ἐκδρομὴ εἰς τὸ Παγγαῖον. Πληροφορίαι τηλ. 832-120.

ΤΟΥ «ΟΜΙΛΟΥ ΦΙΛΩΝ ΥΠΑΙΘΡΟΥ» ἐκδρομὴ εἰς Πολύγυρον, τηλ. 136-813.

ΤΑ ΦΑΡΜΑΚΕΙΑ
ΣΗΜΕΡΟΝ
ΔΙΗΜΕΡΕΥΟΝΤΑ

Σήμερον θὰ εἶναι ἀνοικτὰ τὰ ἑξῆς φαρμακεῖα:

Ε. Λιάκου Κ. Ἀλεξάνδρου 13. Ε. Φραγκούλη Κ. Παπαναστασίου 43. Γ. Καραγιάννη Ἐγνατίας 112. Δ. Παπαδοπούλου Ἁγίου Δημητρίου 68. Κ. Σταματίου Κ. Μελενίκου 21. Ν. Ἀθανασιάδου Ἀγγελάκη 5. Π. Γεωργιάδου Τσιμισκῆ 47. Μ. Ἰωάννου Βασ. Ὄλγας 142. Γ. Δημητρίου Λαγκαδᾶ 68.

ΔΙΑΝΥΚΤΕΡΕΥΟΝΤΑ

Σήμερον τὴν νύκτα θὰ εἶναι ἀνοικτὰ τὰ ἑξῆς:

Α. Ζαγοράκη Κ. Ἀλεξάνδρου 64. Β. Ἀνδρονικίδου Εὐζώνων 12. Γ. Καλαμάρη Πλάτωνος 2. Δ. Βασιλείου Κουντουριώτου 3. Ε. Κουγιουμτζῆ Ἐγνατίας 105. Ζ. Κεχαγιᾶ Ὀλύμπου 75. Η. Βαρβάκα Ἀγγελάκη 36. Θ. Ἐμμανουηλίδης Κάτω Τούμπα.

ΑΥΡΙΟΝ

Αὔριον θὰ εἶναι ἀνοικτὰ τὰ ἑξῆς φαρμακεῖα:

Ἀ. Κουγιουμτζῆ Κονδύλη 2. Β. Σταματίου Ἐγνατίας 47. Γ. Ἀθανασίου Τσιμισκῆ 88. Δ. Νικολαΐδου Ἁγίας Σοφίας 30. Ε. Παπαδοπούλου Ὀλύμπου 125. Ζ. Γεωργίου Βασ. Ὄλγας 73. Η. Δημάκη Ἀγίου Δημητρίου 180.

ΔΙΑΝΥΚΤΕΡΕΥΟΝΤΑ

Αὔριον τὴν νύκτα θὰ εἶναι ἀνοικτὰ τὰ ἑξῆς:

Α. Ἀλεξίου Ἐγνατίας 108. Β. Δημάκη Κ. Ἀλεξάνδρου 13. Γ. Φραγκούλη Ὀλύμπου 129. Δ. Καζάκου Μοναστηρίου 82. Ε. Κωνσταντινίδης Μητροπόλεως 64. Ζ. Ἰωαννίδου Βασ. Ὄλγας 152. Η. Καζαρίδου Πύργου 13. Θ. Παναγιωτίδου Κουντουριώτου 120.

ΝΟΣΟΚΟΜΕΙΑ
ΣΗΜΕΡΟΝ

Ἀπὸ τῆς 8ης π.μ. σήμερον μέχρι τῆς 8ης π.μ. αὔριον ἐφημερεύουν τὰ ἑξῆς νοσοκομεῖα:

ΑΧΕΠΑ: Διὰ παθολογικὰ καὶ χειρουργικὰ περιστατικά. ΑΓΙΟΣ ΔΗΜΗΤΡΙΟΣ: Διὰ παθολογικὰ καὶ ὠτορινολαρυγγολογικά. ΙΠΠΟΚΡΑΤΕΙΟΝ: Διὰ παιδιατρικὰ περιστατικά. ΜΑΙΕΥΤΗΡΙΟΝ: Διὰ περιστατικὰ μαιευτικῆς. ΘΕΑΓΕΝΕΙΟΝ: Διὰ ὀγκολογικά. ΚΕΝΤΡΙΚΟΝ: Διὰ χειρουργικὰ περιστατικά.

ΑΥΡΙΟΝ

Ἀπὸ τῆς 8ης π.μ. αὔριον μέχρι τῆς 8ης π.μ. τῆς μεθεπομένης ἐφημερεύουν:

ΚΕΝΤΡΙΚΟΝ: Διὰ παθολογικὰ καὶ χειρουργικὰ περιστατικά. ΝΟΣΟΚΟΜΕΙΟΝ ΤΟΥ ΠΑΙΔΙΟΥ: Διὰ παιδιατρικὰ περιστατικά. ΘΕΑΓΕΝΕΙΟΝ: Διὰ ὀγκολογικὰ περιστατικά. ΜΕΡΙΜΝΑ ΤΟΥ ΠΑΙΔΙΟΥ: Διὰ παιδιατρικά.

Α΄ ἐκκλησία τῆς Πεντηκοστῆς

Αὔριον Κυριακὴν 11 π.μ. θὰ γίνῃ εἰς τὴν αἴθουσαν τῆς ἐκκλησίας Πεντηκοστῆς εἰς Νέαν Ραιδεστὸν κήρυγμα τοῦ Εὐαγγελίου καὶ ἐκκλησιαστικὴ σύναξις. Εἰσοδος ἐλευθέρα. Ὅλοι εἶσθε εὐπρόσδεκτοι.

Νέα τῆς Χ.Ε.Ν.Ο.

Ἡ «ΧΡΙΣΤΙΑΝΙΚΗ ΑΔΕΛΦΟΤΗΣ» προσκαλεῖ τὰ μέλη της τὴν Τρίτην 7ην π.μ. εἰς τὴν ἐτησίαν γενικὴν συνέλευσιν εἰς τὰ γραφεῖα της. Ἡ ἀξίωσις ἐγγραφῆς νέων μελῶν θὰ γίνῃ κατὰ τὴν διάρκειαν τῆς συνελεύσεως. Πληροφορίαι εἰς τὰ γραφεῖα τηλ. 76-938.
